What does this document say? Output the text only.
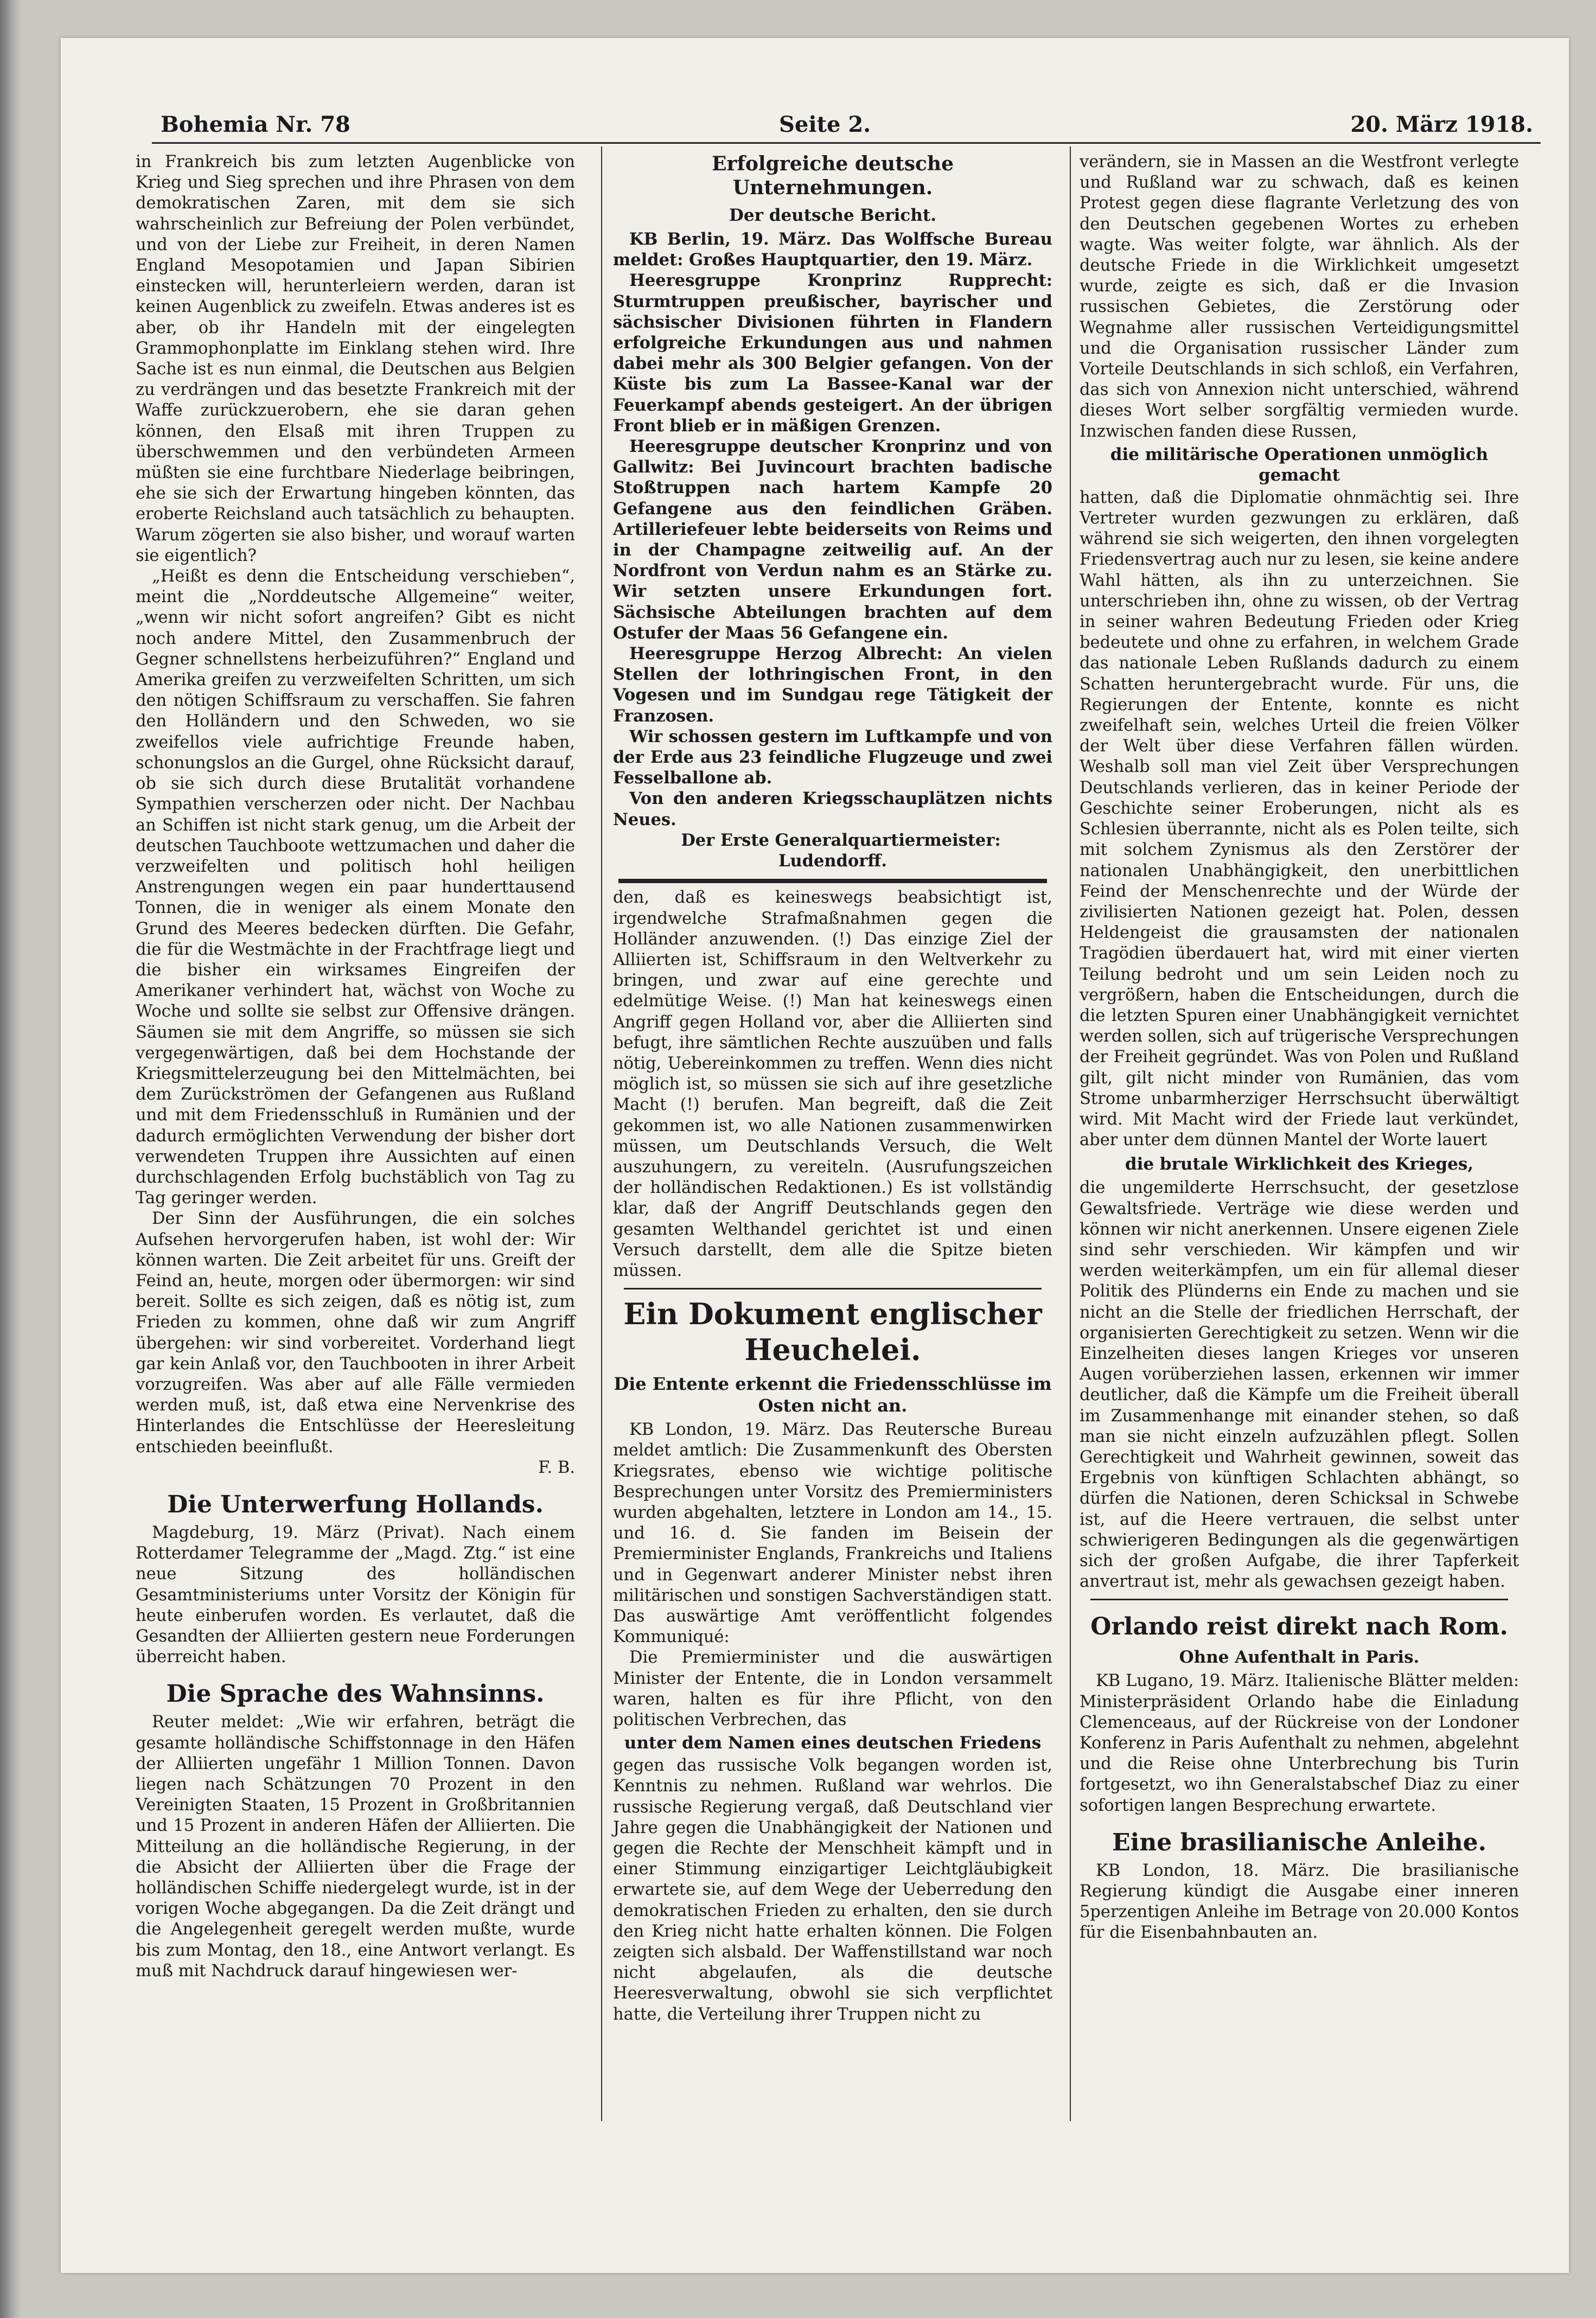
Bohemia Nr. 78	Seite 2.	20. März 1918.

in Frankreich bis zum letzten Augenblicke von Krieg und Sieg sprechen und ihre Phrasen von dem demokratischen Zaren, mit dem sie sich wahrscheinlich zur Befreiung der Polen verbündet, und von der Liebe zur Freiheit, in deren Namen England Mesopotamien und Japan Sibirien einstecken will, herunterleiern werden, daran ist keinen Augenblick zu zweifeln. Etwas anderes ist es aber, ob ihr Handeln mit der eingelegten Grammophonplatte im Einklang stehen wird. Ihre Sache ist es nun einmal, die Deutschen aus Belgien zu verdrängen und das besetzte Frankreich mit der Waffe zurückzuerobern, ehe sie daran gehen können, den Elsaß mit ihren Truppen zu überschwemmen und den verbündeten Armeen müßten sie eine furchtbare Niederlage beibringen, ehe sie sich der Erwartung hingeben könnten, das eroberte Reichsland auch tatsächlich zu behaupten. Warum zögerten sie also bisher, und worauf warten sie eigentlich?

„Heißt es denn die Entscheidung verschieben“, meint die „Norddeutsche Allgemeine“ weiter, „wenn wir nicht sofort angreifen? Gibt es nicht noch andere Mittel, den Zusammenbruch der Gegner schnellstens herbeizuführen?“ England und Amerika greifen zu verzweifelten Schritten, um sich den nötigen Schiffsraum zu verschaffen. Sie fahren den Holländern und den Schweden, wo sie zweifellos viele aufrichtige Freunde haben, schonungslos an die Gurgel, ohne Rücksicht darauf, ob sie sich durch diese Brutalität vorhandene Sympathien verscherzen oder nicht. Der Nachbau an Schiffen ist nicht stark genug, um die Arbeit der deutschen Tauchboote wettzumachen und daher die verzweifelten und politisch hohl heiligen Anstrengungen wegen ein paar hunderttausend Tonnen, die in weniger als einem Monate den Grund des Meeres bedecken dürften. Die Gefahr, die für die Westmächte in der Frachtfrage liegt und die bisher ein wirksames Eingreifen der Amerikaner verhindert hat, wächst von Woche zu Woche und sollte sie selbst zur Offensive drängen. Säumen sie mit dem Angriffe, so müssen sie sich vergegenwärtigen, daß bei dem Hochstande der Kriegsmittelerzeugung bei den Mittelmächten, bei dem Zurückströmen der Gefangenen aus Rußland und mit dem Friedensschluß in Rumänien und der dadurch ermöglichten Verwendung der bisher dort verwendeten Truppen ihre Aussichten auf einen durchschlagenden Erfolg buchstäblich von Tag zu Tag geringer werden.

Der Sinn der Ausführungen, die ein solches Aufsehen hervorgerufen haben, ist wohl der: Wir können warten. Die Zeit arbeitet für uns. Greift der Feind an, heute, morgen oder übermorgen: wir sind bereit. Sollte es sich zeigen, daß es nötig ist, zum Frieden zu kommen, ohne daß wir zum Angriff übergehen: wir sind vorbereitet. Vorderhand liegt gar kein Anlaß vor, den Tauchbooten in ihrer Arbeit vorzugreifen. Was aber auf alle Fälle vermieden werden muß, ist, daß etwa eine Nervenkrise des Hinterlandes die Entschlüsse der Heeresleitung entschieden beeinflußt.

F. B.
Die Unterwerfung Hollands.

Magdeburg, 19. März (Privat). Nach einem Rotterdamer Telegramme der „Magd. Ztg.“ ist eine neue Sitzung des holländischen Gesamtministeriums unter Vorsitz der Königin für heute einberufen worden. Es verlautet, daß die Gesandten der Alliierten gestern neue Forderungen überreicht haben.

Die Sprache des Wahnsinns.

Reuter meldet: „Wie wir erfahren, beträgt die gesamte holländische Schiffstonnage in den Häfen der Alliierten ungefähr 1 Million Tonnen. Davon liegen nach Schätzungen 70 Prozent in den Vereinigten Staaten, 15 Prozent in Großbritannien und 15 Prozent in anderen Häfen der Alliierten. Die Mitteilung an die holländische Regierung, in der die Absicht der Alliierten über die Frage der holländischen Schiffe niedergelegt wurde, ist in der vorigen Woche abgegangen. Da die Zeit drängt und die Angelegenheit geregelt werden mußte, wurde bis zum Montag, den 18., eine Antwort verlangt. Es muß mit Nachdruck darauf hingewiesen wer-

Erfolgreiche deutsche Unternehmungen.
Der deutsche Bericht.

KB Berlin, 19. März. Das Wolffsche Bureau meldet: Großes Hauptquartier, den 19. März.

Heeresgruppe Kronprinz Rupprecht: Sturmtruppen preußischer, bayrischer und sächsischer Divisionen führten in Flandern erfolgreiche Erkundungen aus und nahmen dabei mehr als 300 Belgier gefangen. Von der Küste bis zum La Bassee-Kanal war der Feuerkampf abends gesteigert. An der übrigen Front blieb er in mäßigen Grenzen.

Heeresgruppe deutscher Kronprinz und von Gallwitz: Bei Juvincourt brachten badische Stoßtruppen nach hartem Kampfe 20 Gefangene aus den feindlichen Gräben. Artilleriefeuer lebte beiderseits von Reims und in der Champagne zeitweilig auf. An der Nordfront von Verdun nahm es an Stärke zu. Wir setzten unsere Erkundungen fort. Sächsische Abteilungen brachten auf dem Ostufer der Maas 56 Gefangene ein.

Heeresgruppe Herzog Albrecht: An vielen Stellen der lothringischen Front, in den Vogesen und im Sundgau rege Tätigkeit der Franzosen.

Wir schossen gestern im Luftkampfe und von der Erde aus 23 feindliche Flugzeuge und zwei Fesselballone ab.

Von den anderen Kriegsschauplätzen nichts Neues.

Der Erste Generalquartiermeister: Ludendorff.

den, daß es keineswegs beabsichtigt ist, irgendwelche Strafmaßnahmen gegen die Holländer anzuwenden. (!) Das einzige Ziel der Alliierten ist, Schiffsraum in den Weltverkehr zu bringen, und zwar auf eine gerechte und edelmütige Weise. (!) Man hat keineswegs einen Angriff gegen Holland vor, aber die Alliierten sind befugt, ihre sämtlichen Rechte auszuüben und falls nötig, Uebereinkommen zu treffen. Wenn dies nicht möglich ist, so müssen sie sich auf ihre gesetzliche Macht (!) berufen. Man begreift, daß die Zeit gekommen ist, wo alle Nationen zusammenwirken müssen, um Deutschlands Versuch, die Welt auszuhungern, zu vereiteln. (Ausrufungszeichen der holländischen Redaktionen.) Es ist vollständig klar, daß der Angriff Deutschlands gegen den gesamten Welthandel gerichtet ist und einen Versuch darstellt, dem alle die Spitze bieten müssen.

Ein Dokument englischer Heuchelei.
Die Entente erkennt die Friedensschlüsse im Osten nicht an.

KB London, 19. März. Das Reutersche Bureau meldet amtlich: Die Zusammenkunft des Obersten Kriegsrates, ebenso wie wichtige politische Besprechungen unter Vorsitz des Premierministers wurden abgehalten, letztere in London am 14., 15. und 16. d. Sie fanden im Beisein der Premierminister Englands, Frankreichs und Italiens und in Gegenwart anderer Minister nebst ihren militärischen und sonstigen Sachverständigen statt. Das auswärtige Amt veröffentlicht folgendes Kommuniqué:

Die Premierminister und die auswärtigen Minister der Entente, die in London versammelt waren, halten es für ihre Pflicht, von den politischen Verbrechen, das

unter dem Namen eines deutschen Friedens

gegen das russische Volk begangen worden ist, Kenntnis zu nehmen. Rußland war wehrlos. Die russische Regierung vergaß, daß Deutschland vier Jahre gegen die Unabhängigkeit der Nationen und gegen die Rechte der Menschheit kämpft und in einer Stimmung einzigartiger Leichtgläubigkeit erwartete sie, auf dem Wege der Ueberredung den demokratischen Frieden zu erhalten, den sie durch den Krieg nicht hatte erhalten können. Die Folgen zeigten sich alsbald. Der Waffenstillstand war noch nicht abgelaufen, als die deutsche Heeresverwaltung, obwohl sie sich verpflichtet hatte, die Verteilung ihrer Truppen nicht zu

verändern, sie in Massen an die Westfront verlegte und Rußland war zu schwach, daß es keinen Protest gegen diese flagrante Verletzung des von den Deutschen gegebenen Wortes zu erheben wagte. Was weiter folgte, war ähnlich. Als der deutsche Friede in die Wirklichkeit umgesetzt wurde, zeigte es sich, daß er die Invasion russischen Gebietes, die Zerstörung oder Wegnahme aller russischen Verteidigungsmittel und die Organisation russischer Länder zum Vorteile Deutschlands in sich schloß, ein Verfahren, das sich von Annexion nicht unterschied, während dieses Wort selber sorgfältig vermieden wurde. Inzwischen fanden diese Russen,

die militärische Operationen unmöglich gemacht

hatten, daß die Diplomatie ohnmächtig sei. Ihre Vertreter wurden gezwungen zu erklären, daß während sie sich weigerten, den ihnen vorgelegten Friedensvertrag auch nur zu lesen, sie keine andere Wahl hätten, als ihn zu unterzeichnen. Sie unterschrieben ihn, ohne zu wissen, ob der Vertrag in seiner wahren Bedeutung Frieden oder Krieg bedeutete und ohne zu erfahren, in welchem Grade das nationale Leben Rußlands dadurch zu einem Schatten heruntergebracht wurde. Für uns, die Regierungen der Entente, konnte es nicht zweifelhaft sein, welches Urteil die freien Völker der Welt über diese Verfahren fällen würden. Weshalb soll man viel Zeit über Versprechungen Deutschlands verlieren, das in keiner Periode der Geschichte seiner Eroberungen, nicht als es Schlesien überrannte, nicht als es Polen teilte, sich mit solchem Zynismus als den Zerstörer der nationalen Unabhängigkeit, den unerbittlichen Feind der Menschenrechte und der Würde der zivilisierten Nationen gezeigt hat. Polen, dessen Heldengeist die grausamsten der nationalen Tragödien überdauert hat, wird mit einer vierten Teilung bedroht und um sein Leiden noch zu vergrößern, haben die Entscheidungen, durch die die letzten Spuren einer Unabhängigkeit vernichtet werden sollen, sich auf trügerische Versprechungen der Freiheit gegründet. Was von Polen und Rußland gilt, gilt nicht minder von Rumänien, das vom Strome unbarmherziger Herrschsucht überwältigt wird. Mit Macht wird der Friede laut verkündet, aber unter dem dünnen Mantel der Worte lauert

die brutale Wirklichkeit des Krieges,

die ungemilderte Herrschsucht, der gesetzlose Gewaltsfriede. Verträge wie diese werden und können wir nicht anerkennen. Unsere eigenen Ziele sind sehr verschieden. Wir kämpfen und wir werden weiterkämpfen, um ein für allemal dieser Politik des Plünderns ein Ende zu machen und sie nicht an die Stelle der friedlichen Herrschaft, der organisierten Gerechtigkeit zu setzen. Wenn wir die Einzelheiten dieses langen Krieges vor unseren Augen vorüberziehen lassen, erkennen wir immer deutlicher, daß die Kämpfe um die Freiheit überall im Zusammenhange mit einander stehen, so daß man sie nicht einzeln aufzuzählen pflegt. Sollen Gerechtigkeit und Wahrheit gewinnen, soweit das Ergebnis von künftigen Schlachten abhängt, so dürfen die Nationen, deren Schicksal in Schwebe ist, auf die Heere vertrauen, die selbst unter schwierigeren Bedingungen als die gegenwärtigen sich der großen Aufgabe, die ihrer Tapferkeit anvertraut ist, mehr als gewachsen gezeigt haben.

Orlando reist direkt nach Rom.
Ohne Aufenthalt in Paris.

KB Lugano, 19. März. Italienische Blätter melden: Ministerpräsident Orlando habe die Einladung Clemenceaus, auf der Rückreise von der Londoner Konferenz in Paris Aufenthalt zu nehmen, abgelehnt und die Reise ohne Unterbrechung bis Turin fortgesetzt, wo ihn Generalstabschef Diaz zu einer sofortigen langen Besprechung erwartete.

Eine brasilianische Anleihe.

KB London, 18. März. Die brasilianische Regierung kündigt die Ausgabe einer inneren 5perzentigen Anleihe im Betrage von 20.000 Kontos für die Eisenbahnbauten an.
